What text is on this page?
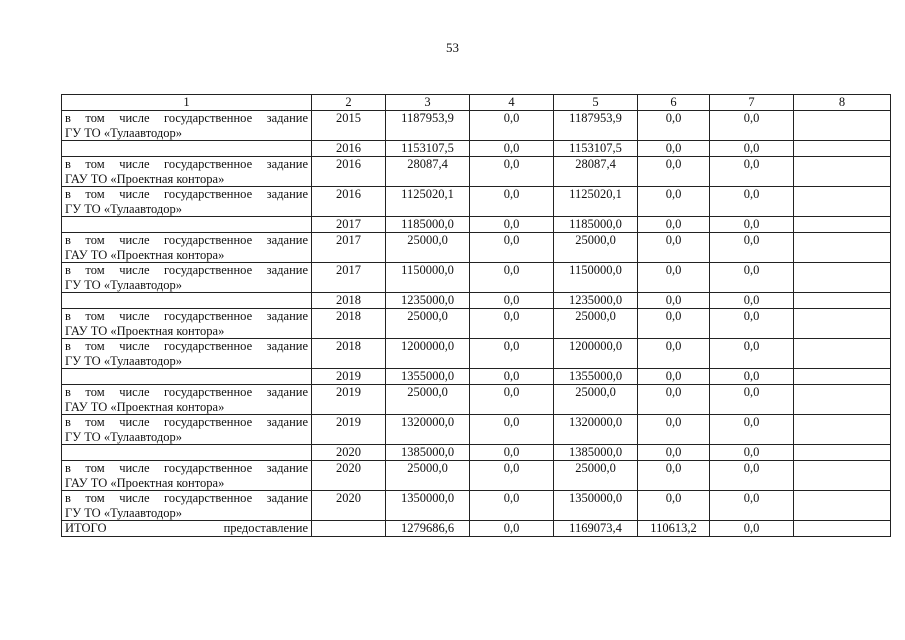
53
1	2	3	4	5	6	7	8

в том числе государственное задание
ГУ ТО «Тулаавтодор»	2015	1187953,9	0,0	1187953,9	0,0	0,0	

	2016	1153107,5	0,0	1153107,5	0,0	0,0	

в том числе государственное задание
ГАУ ТО «Проектная контора»	2016	28087,4	0,0	28087,4	0,0	0,0	

в том числе государственное задание
ГУ ТО «Тулаавтодор»	2016	1125020,1	0,0	1125020,1	0,0	0,0	

	2017	1185000,0	0,0	1185000,0	0,0	0,0	

в том числе государственное задание
ГАУ ТО «Проектная контора»	2017	25000,0	0,0	25000,0	0,0	0,0	

в том числе государственное задание
ГУ ТО «Тулаавтодор»	2017	1150000,0	0,0	1150000,0	0,0	0,0	

	2018	1235000,0	0,0	1235000,0	0,0	0,0	

в том числе государственное задание
ГАУ ТО «Проектная контора»	2018	25000,0	0,0	25000,0	0,0	0,0	

в том числе государственное задание
ГУ ТО «Тулаавтодор»	2018	1200000,0	0,0	1200000,0	0,0	0,0	

	2019	1355000,0	0,0	1355000,0	0,0	0,0	

в том числе государственное задание
ГАУ ТО «Проектная контора»	2019	25000,0	0,0	25000,0	0,0	0,0	

в том числе государственное задание
ГУ ТО «Тулаавтодор»	2019	1320000,0	0,0	1320000,0	0,0	0,0	

	2020	1385000,0	0,0	1385000,0	0,0	0,0	

в том числе государственное задание
ГАУ ТО «Проектная контора»	2020	25000,0	0,0	25000,0	0,0	0,0	

в том числе государственное задание
ГУ ТО «Тулаавтодор»	2020	1350000,0	0,0	1350000,0	0,0	0,0	

ИТОГО предоставление		1279686,6	0,0	1169073,4	110613,2	0,0	
